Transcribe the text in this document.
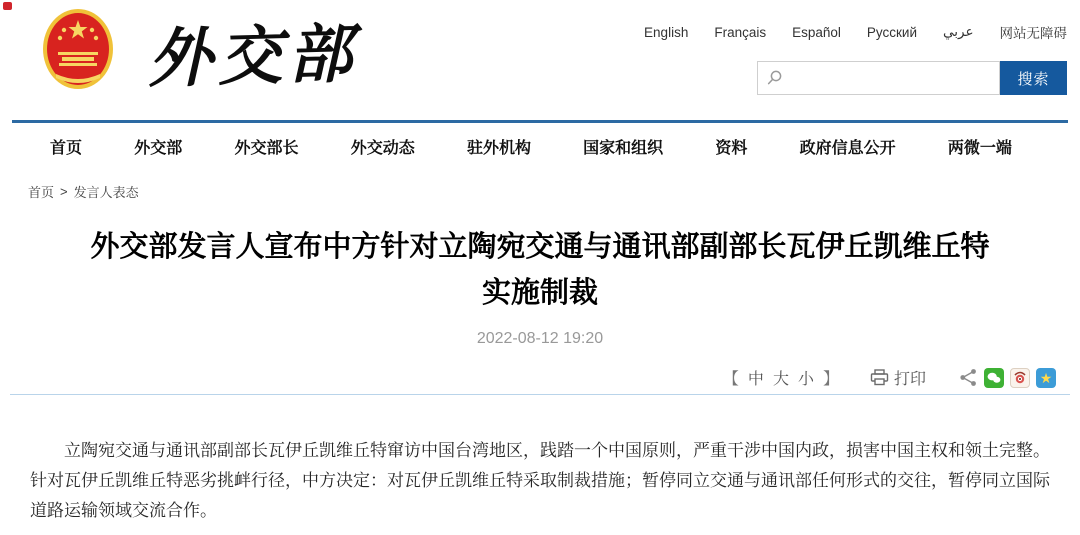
外交部	English Français Español Русский عربي 网站无障碍
搜索
首页	外交部	外交部长	外交动态	驻外机构	国家和组织	资料	政府信息公开	两微一端
首页 > 发言人表态
外交部发言人宣布中方针对立陶宛交通与通讯部副部长瓦伊丘凯维丘特
实施制裁
2022-08-12 19:20
【 中 大 小 】	打印	★

立陶宛交通与通讯部副部长瓦伊丘凯维丘特窜访中国台湾地区，践踏一个中国原则，严重干涉中国内政，损害中国主权和领土完整。针对瓦伊丘凯维丘特恶劣挑衅行径，中方决定：对瓦伊丘凯维丘特采取制裁措施；暂停同立交通与通讯部任何形式的交往，暂停同立国际道路运输领域交流合作。
